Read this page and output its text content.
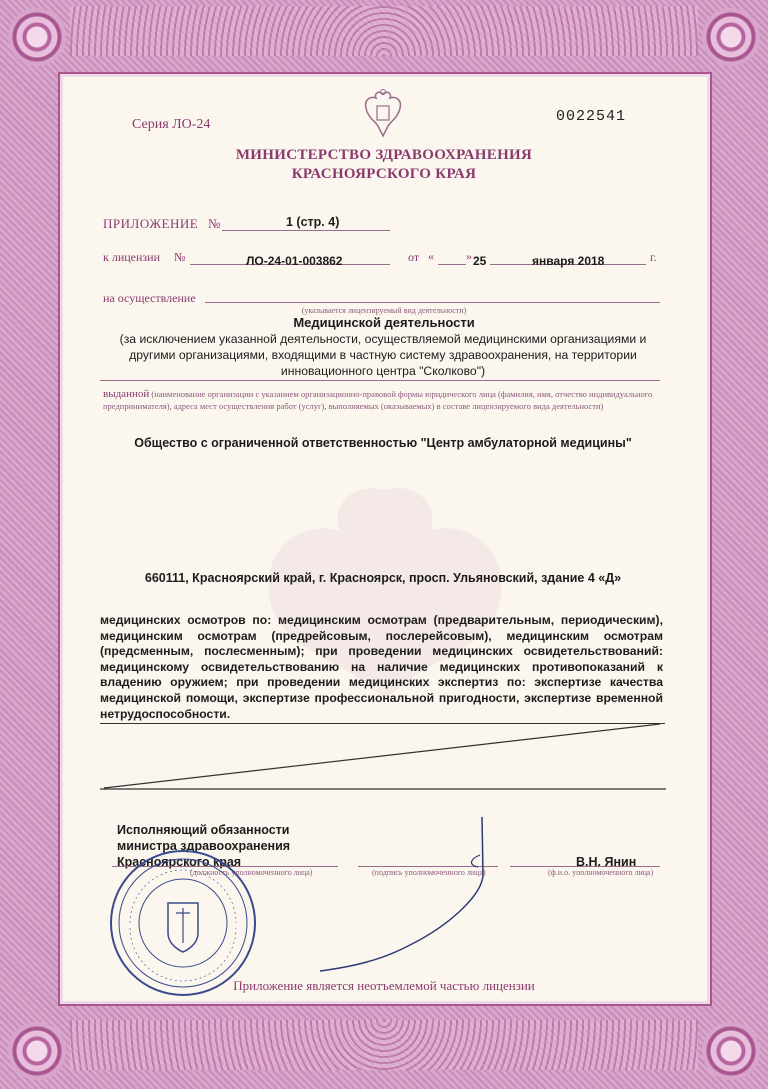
Серия ЛО-24	0022541
МИНИСТЕРСТВО ЗДРАВООХРАНЕНИЯ
КРАСНОЯРСКОГО КРАЯ
ПРИЛОЖЕНИЕ №	1 (стр. 4)
к лицензии №	ЛО-24-01-003862	от «	» 25	января 2018	г.
на осуществление
(указывается лицензируемый вид деятельности)
Медицинской деятельности
(за исключением указанной деятельности, осуществляемой медицинскими организациями и другими организациями, входящими в частную систему здравоохранения, на территории инновационного центра "Сколково")
выданной (наименование организации с указанием организационно-правовой формы юридического лица (фамилия, имя, отчество индивидуального предпринимателя), адреса мест осуществления работ (услуг), выполняемых (оказываемых) в составе лицензируемого вида деятельности)
Общество с ограниченной ответственностью "Центр амбулаторной медицины"
660111, Красноярский край, г. Красноярск, просп. Ульяновский, здание 4 «Д»
медицинских осмотров по: медицинским осмотрам (предварительным, периодическим), медицинским осмотрам (предрейсовым, послерейсовым), медицинским осмотрам (предсменным, послесменным); при проведении медицинских освидетельствований: медицинскому освидетельствованию на наличие медицинских противопоказаний к владению оружием; при проведении медицинских экспертиз по: экспертизе качества медицинской помощи, экспертизе профессиональной пригодности, экспертизе временной нетрудоспособности.
Исполняющий обязанности
министра здравоохранения
Красноярского края
(должность уполномоченного лица)	(подпись уполномоченного лица)	(ф.и.о. уполномоченного лица)
В.Н. Янин
Приложение является неотъемлемой частью лицензии
